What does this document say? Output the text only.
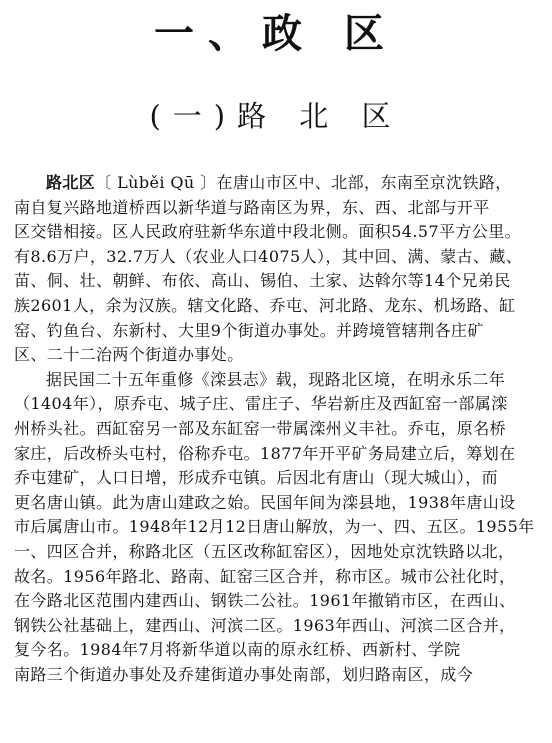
一、政 区
(一)路 北 区
路北区〔 Lùběi Qū 〕在唐山市区中、北部，东南至京沈铁路，
南自复兴路地道桥西以新华道与路南区为界，东、西、北部与开平
区交错相接。区人民政府驻新华东道中段北侧。面积54.57平方公里。
有8.6万户，32.7万人（农业人口4075人），其中回、满、蒙古、藏、
苗、侗、壮、朝鲜、布依、高山、锡伯、土家、达斡尔等14个兄弟民
族2601人，余为汉族。辖文化路、乔屯、河北路、龙东、机场路、缸
窑、钓鱼台、东新村、大里9个街道办事处。并跨境管辖荆各庄矿
区、二十二治两个街道办事处。
据民国二十五年重修《滦县志》载，现路北区境，在明永乐二年
（1404年），原乔屯、城子庄、雷庄子、华岩新庄及西缸窑一部属滦
州桥头社。西缸窑另一部及东缸窑一带属滦州义丰社。乔屯，原名桥
家庄，后改桥头屯村，俗称乔屯。1877年开平矿务局建立后，筹划在
乔屯建矿，人口日增，形成乔屯镇。后因北有唐山（现大城山），而
更名唐山镇。此为唐山建政之始。民国年间为滦县地，1938年唐山设
市后属唐山市。1948年12月12日唐山解放，为一、四、五区。1955年
一、四区合并，称路北区（五区改称缸窑区），因地处京沈铁路以北，
故名。1956年路北、路南、缸窑三区合并，称市区。城市公社化时，
在今路北区范围内建西山、钢铁二公社。1961年撤销市区，在西山、
钢铁公社基础上，建西山、河滨二区。1963年西山、河滨二区合并，
复今名。1984年7月将新华道以南的原永红桥、西新村、学院
南路三个街道办事处及乔建街道办事处南部，划归路南区，成今
